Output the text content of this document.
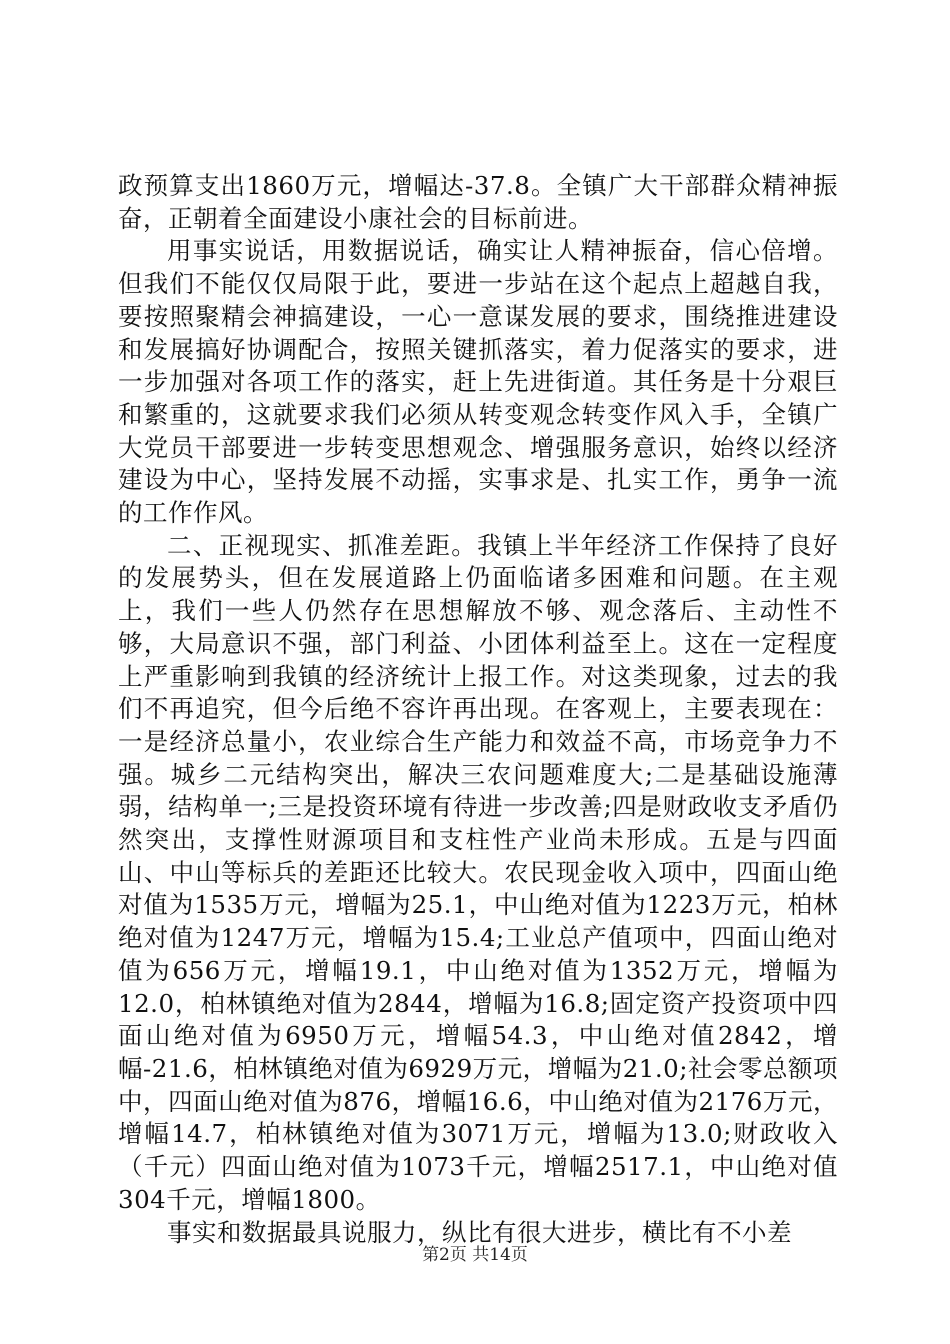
政预算支出1860万元，增幅达-37.8。全镇广大干部群众精神振奋，正朝着全面建设小康社会的目标前进。

用事实说话，用数据说话，确实让人精神振奋，信心倍增。但我们不能仅仅局限于此，要进一步站在这个起点上超越自我，要按照聚精会神搞建设，一心一意谋发展的要求，围绕推进建设和发展搞好协调配合，按照关键抓落实，着力促落实的要求，进一步加强对各项工作的落实，赶上先进街道。其任务是十分艰巨和繁重的，这就要求我们必须从转变观念转变作风入手，全镇广大党员干部要进一步转变思想观念、增强服务意识，始终以经济建设为中心，坚持发展不动摇，实事求是、扎实工作，勇争一流的工作作风。

二、正视现实、抓准差距。我镇上半年经济工作保持了良好的发展势头，但在发展道路上仍面临诸多困难和问题。在主观上，我们一些人仍然存在思想解放不够、观念落后、主动性不够，大局意识不强，部门利益、小团体利益至上。这在一定程度上严重影响到我镇的经济统计上报工作。对这类现象，过去的我们不再追究，但今后绝不容许再出现。在客观上，主要表现在：一是经济总量小，农业综合生产能力和效益不高，市场竞争力不强。城乡二元结构突出，解决三农问题难度大;二是基础设施薄弱，结构单一;三是投资环境有待进一步改善;四是财政收支矛盾仍然突出，支撑性财源项目和支柱性产业尚未形成。五是与四面山、中山等标兵的差距还比较大。农民现金收入项中，四面山绝对值为1535万元，增幅为25.1，中山绝对值为1223万元，柏林绝对值为1247万元，增幅为15.4;工业总产值项中，四面山绝对值为656万元，增幅19.1，中山绝对值为1352万元，增幅为12.0，柏林镇绝对值为2844，增幅为16.8;固定资产投资项中四面山绝对值为6950万元，增幅54.3，中山绝对值2842，增幅-21.6，柏林镇绝对值为6929万元，增幅为21.0;社会零总额项中，四面山绝对值为876，增幅16.6，中山绝对值为2176万元，增幅14.7，柏林镇绝对值为3071万元，增幅为13.0;财政收入（千元）四面山绝对值为1073千元，增幅2517.1，中山绝对值304千元，增幅1800。

事实和数据最具说服力，纵比有很大进步，横比有不小差

第2页 共14页
